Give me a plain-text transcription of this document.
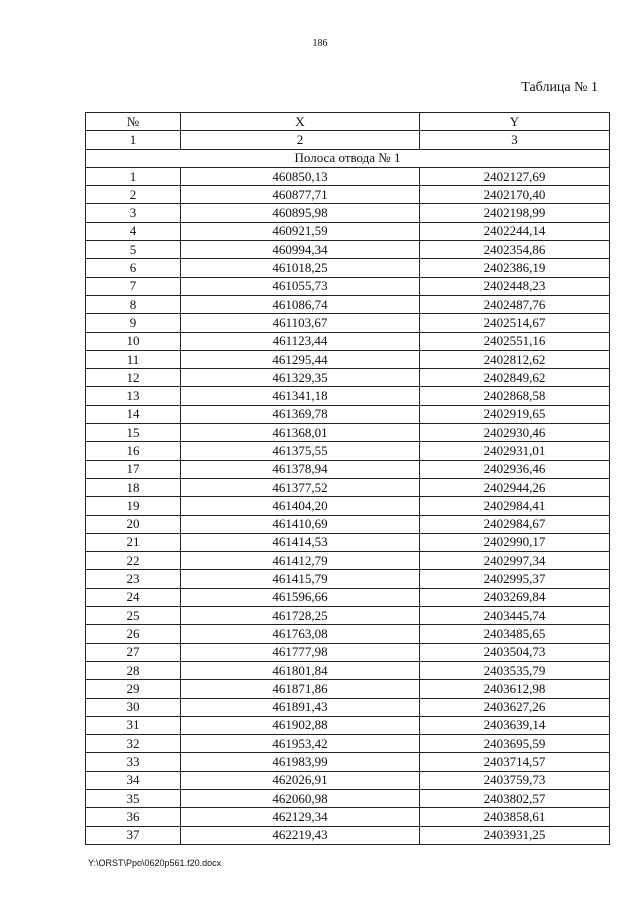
186
Таблица № 1
№	X	Y
1	2	3
Полоса отвода № 1		
1	460850,13	2402127,69
2	460877,71	2402170,40
3	460895,98	2402198,99
4	460921,59	2402244,14
5	460994,34	2402354,86
6	461018,25	2402386,19
7	461055,73	2402448,23
8	461086,74	2402487,76
9	461103,67	2402514,67
10	461123,44	2402551,16
11	461295,44	2402812,62
12	461329,35	2402849,62
13	461341,18	2402868,58
14	461369,78	2402919,65
15	461368,01	2402930,46
16	461375,55	2402931,01
17	461378,94	2402936,46
18	461377,52	2402944,26
19	461404,20	2402984,41
20	461410,69	2402984,67
21	461414,53	2402990,17
22	461412,79	2402997,34
23	461415,79	2402995,37
24	461596,66	2403269,84
25	461728,25	2403445,74
26	461763,08	2403485,65
27	461777,98	2403504,73
28	461801,84	2403535,79
29	461871,86	2403612,98
30	461891,43	2403627,26
31	461902,88	2403639,14
32	461953,42	2403695,59
33	461983,99	2403714,57
34	462026,91	2403759,73
35	462060,98	2403802,57
36	462129,34	2403858,61
37	462219,43	2403931,25
Y:\ORST\Ppo\0620p561.f20.docx
